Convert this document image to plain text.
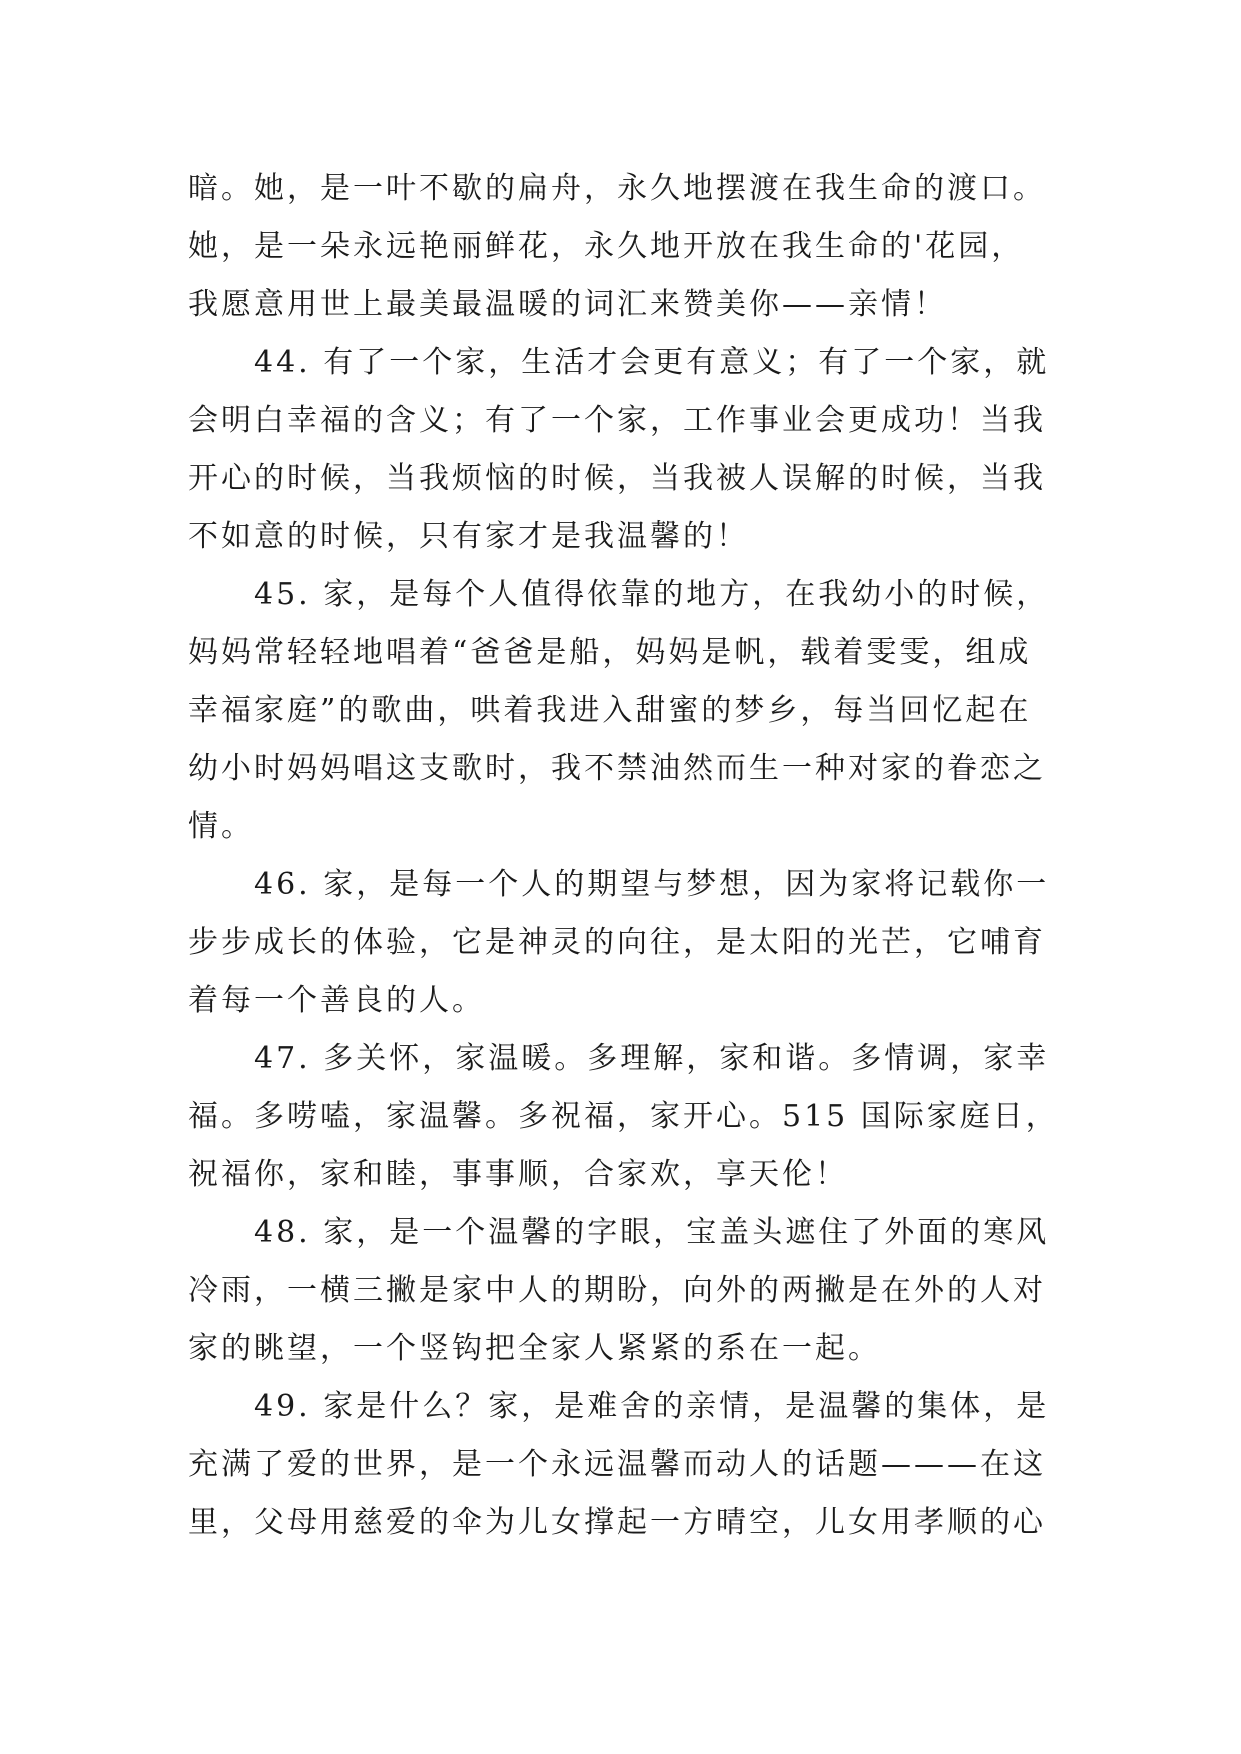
暗。她，是一叶不歇的扁舟，永久地摆渡在我生命的渡口。
她，是一朵永远艳丽鲜花，永久地开放在我生命的'花园，
我愿意用世上最美最温暖的词汇来赞美你——亲情！
44. 有了一个家，生活才会更有意义；有了一个家，就
会明白幸福的含义；有了一个家，工作事业会更成功！当我
开心的时候，当我烦恼的时候，当我被人误解的时候，当我
不如意的时候，只有家才是我温馨的！
45. 家，是每个人值得依靠的地方，在我幼小的时候，
妈妈常轻轻地唱着“爸爸是船，妈妈是帆，载着雯雯，组成
幸福家庭”的歌曲，哄着我进入甜蜜的梦乡，每当回忆起在
幼小时妈妈唱这支歌时，我不禁油然而生一种对家的眷恋之
情。
46. 家，是每一个人的期望与梦想，因为家将记载你一
步步成长的体验，它是神灵的向往，是太阳的光芒，它哺育
着每一个善良的人。
47. 多关怀，家温暖。多理解，家和谐。多情调，家幸
福。多唠嗑，家温馨。多祝福，家开心。515 国际家庭日，
祝福你，家和睦，事事顺，合家欢，享天伦！
48. 家，是一个温馨的字眼，宝盖头遮住了外面的寒风
冷雨，一横三撇是家中人的期盼，向外的两撇是在外的人对
家的眺望，一个竖钩把全家人紧紧的系在一起。
49. 家是什么？家，是难舍的亲情，是温馨的集体，是
充满了爱的世界，是一个永远温馨而动人的话题———在这
里，父母用慈爱的伞为儿女撑起一方晴空，儿女用孝顺的心
